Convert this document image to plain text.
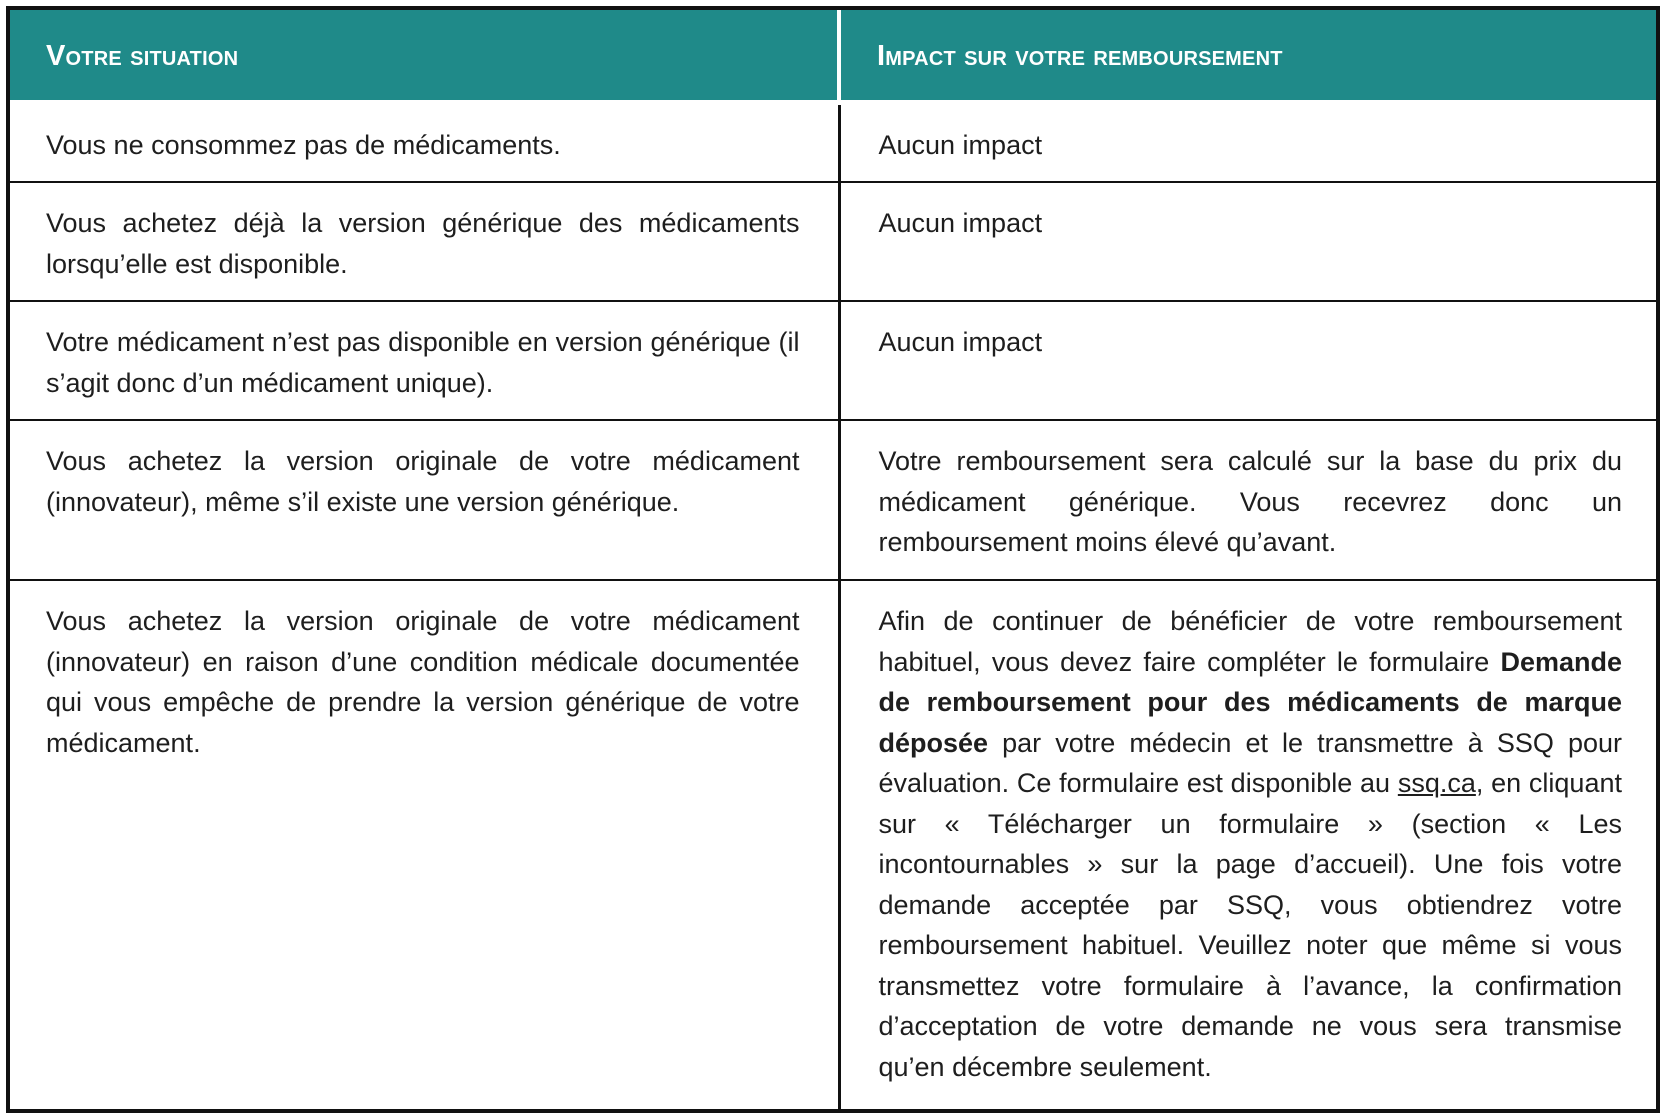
Votre situation	Impact sur votre remboursement
Vous ne consommez pas de médicaments.	Aucun impact
Vous achetez déjà la version générique des médicaments lorsqu’elle est disponible.	Aucun impact
Votre médicament n’est pas disponible en version générique (il s’agit donc d’un médicament unique).	Aucun impact
Vous achetez la version originale de votre médicament (innovateur), même s’il existe une version générique.	Votre remboursement sera calculé sur la base du prix du médicament générique. Vous recevrez donc un remboursement moins élevé qu’avant.
Vous achetez la version originale de votre médicament (innovateur) en raison d’une condition médicale documentée qui vous empêche de prendre la version générique de votre médicament.	Afin de continuer de bénéficier de votre remboursement habituel, vous devez faire compléter le formulaire Demande de remboursement pour des médicaments de marque déposée par votre médecin et le transmettre à SSQ pour évaluation. Ce formulaire est disponible au ssq.ca, en cliquant sur « Télécharger un formulaire » (section « Les incontournables » sur la page d’accueil). Une fois votre demande acceptée par SSQ, vous obtiendrez votre remboursement habituel. Veuillez noter que même si vous transmettez votre formulaire à l’avance, la confirmation d’acceptation de votre demande ne vous sera transmise qu’en décembre seulement.
